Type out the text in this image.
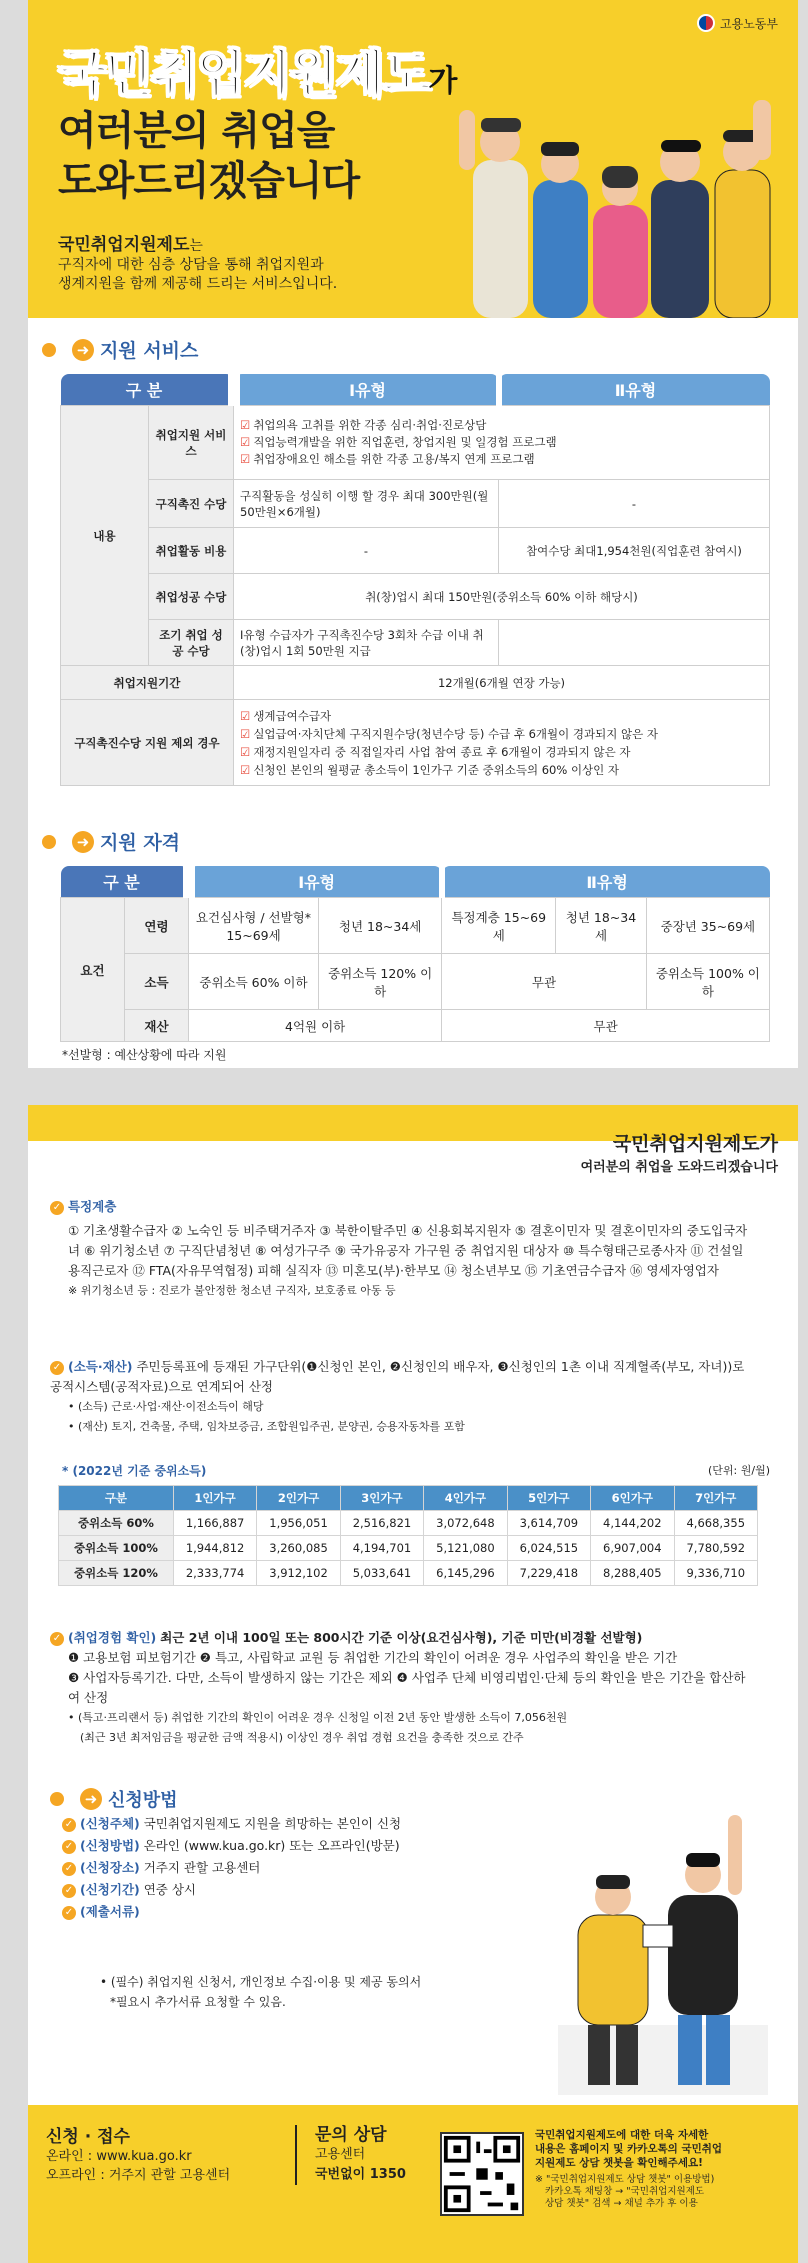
고용노동부
국민취업지원제도가
여러분의 취업을
도와드리겠습니다
국민취업지원제도는
구직자에 대한 심층 상담을 통해 취업지원과
생계지원을 함께 제공해 드리는 서비스입니다.
➜ 지원 서비스
구 분		Ⅰ유형	Ⅱ유형
내용	취업지원 서비스	☑ 취업의욕 고취를 위한 각종 심리·취업·진로상담
☑ 직업능력개발을 위한 직업훈련, 창업지원 및 일경험 프로그램
☑ 취업장애요인 해소를 위한 각종 고용/복지 연계 프로그램	

	구직촉진 수당	구직활동을 성실히 이행 할 경우 최대 300만원(월50만원×6개월)	-
	취업활동 비용	-	참여수당 최대1,954천원(직업훈련 참여시)
	취업성공 수당	취(창)업시 최대 150만원(중위소득 60% 이하 해당시)	
	조기 취업 성공 수당	Ⅰ유형 수급자가 구직촉진수당 3회차 수급 이내 취(창)업시 1회 50만원 지급	
취업지원기간		12개월(6개월 연장 가능)	
구직촉진수당 지원 제외 경우		☑ 생계급여수급자
☑ 실업급여·자치단체 구직지원수당(청년수당 등) 수급 후 6개월이 경과되지 않은 자
☑ 재정지원일자리 중 직접일자리 사업 참여 종료 후 6개월이 경과되지 않은 자
☑ 신청인 본인의 월평균 총소득이 1인가구 기준 중위소득의 60% 이상인 자	
➜ 지원 자격
구 분		Ⅰ유형		Ⅱ유형		
요건	연령	요건심사형 / 선발형* 15~69세	청년 18~34세	특정계층 15~69세	청년 18~34세	중장년 35~69세
	소득	중위소득 60% 이하	중위소득 120% 이하	무관		중위소득 100% 이하
	재산	4억원 이하		무관		
*선발형 : 예산상황에 따라 지원
국민취업지원제도가
여러분의 취업을 도와드리겠습니다
✓ 특정계층
① 기초생활수급자 ② 노숙인 등 비주택거주자 ③ 북한이탈주민 ④ 신용회복지원자 ⑤ 결혼이민자 및 결혼이민자의 중도입국자녀 ⑥ 위기청소년 ⑦ 구직단념청년 ⑧ 여성가구주 ⑨ 국가유공자 가구원 중 취업지원 대상자 ⑩ 특수형태근로종사자 ⑪ 건설일용직근로자 ⑫ FTA(자유무역협정) 피해 실직자 ⑬ 미혼모(부)·한부모 ⑭ 청소년부모 ⑮ 기초연금수급자 ⑯ 영세자영업자
※ 위기청소년 등 : 진로가 불안정한 청소년 구직자, 보호종료 아동 등
✓ (소득·재산) 주민등록표에 등재된 가구단위(❶신청인 본인, ❷신청인의 배우자, ❸신청인의 1촌 이내 직계혈족(부모, 자녀))로 공적시스템(공적자료)으로 연계되어 산정
• (소득) 근로·사업·재산·이전소득이 해당
• (재산) 토지, 건축물, 주택, 임차보증금, 조합원입주권, 분양권, 승용자동차를 포함
* (2022년 기준 중위소득)	(단위: 원/월)
구분	1인가구	2인가구	3인가구	4인가구	5인가구	6인가구	7인가구
중위소득 60%	1,166,887	1,956,051	2,516,821	3,072,648	3,614,709	4,144,202	4,668,355
중위소득 100%	1,944,812	3,260,085	4,194,701	5,121,080	6,024,515	6,907,004	7,780,592
중위소득 120%	2,333,774	3,912,102	5,033,641	6,145,296	7,229,418	8,288,405	9,336,710
✓ (취업경험 확인) 최근 2년 이내 100일 또는 800시간 기준 이상(요건심사형), 기준 미만(비경활 선발형)
❶ 고용보험 피보험기간 ❷ 특고, 사립학교 교원 등 취업한 기간의 확인이 어려운 경우 사업주의 확인을 받은 기간
❸ 사업자등록기간. 다만, 소득이 발생하지 않는 기간은 제외 ❹ 사업주 단체 비영리법인·단체 등의 확인을 받은 기간을 합산하여 산정
• (특고·프리랜서 등) 취업한 기간의 확인이 어려운 경우 신청일 이전 2년 동안 발생한 소득이 7,056천원
(최근 3년 최저임금을 평균한 금액 적용시) 이상인 경우 취업 경험 요건을 충족한 것으로 간주
➜ 신청방법
✓ (신청주체) 국민취업지원제도 지원을 희망하는 본인이 신청
✓ (신청방법) 온라인 (www.kua.go.kr) 또는 오프라인(방문)
✓ (신청장소) 거주지 관할 고용센터
✓ (신청기간) 연중 상시
✓ (제출서류)
• (필수) 취업지원 신청서, 개인정보 수집·이용 및 제공 동의서
*필요시 추가서류 요청할 수 있음.
신청 · 접수
온라인 : www.kua.go.kr
오프라인 : 거주지 관할 고용센터
문의 상담
고용센터
국번없이 1350
국민취업지원제도에 대한 더욱 자세한
내용은 홈페이지 및 카카오톡의 국민취업
지원제도 상담 챗봇을 확인해주세요!
※ "국민취업지원제도 상담 챗봇" 이용방법)
카카오톡 채팅창 → "국민취업지원제도
상담 챗봇" 검색 → 채널 추가 후 이용
